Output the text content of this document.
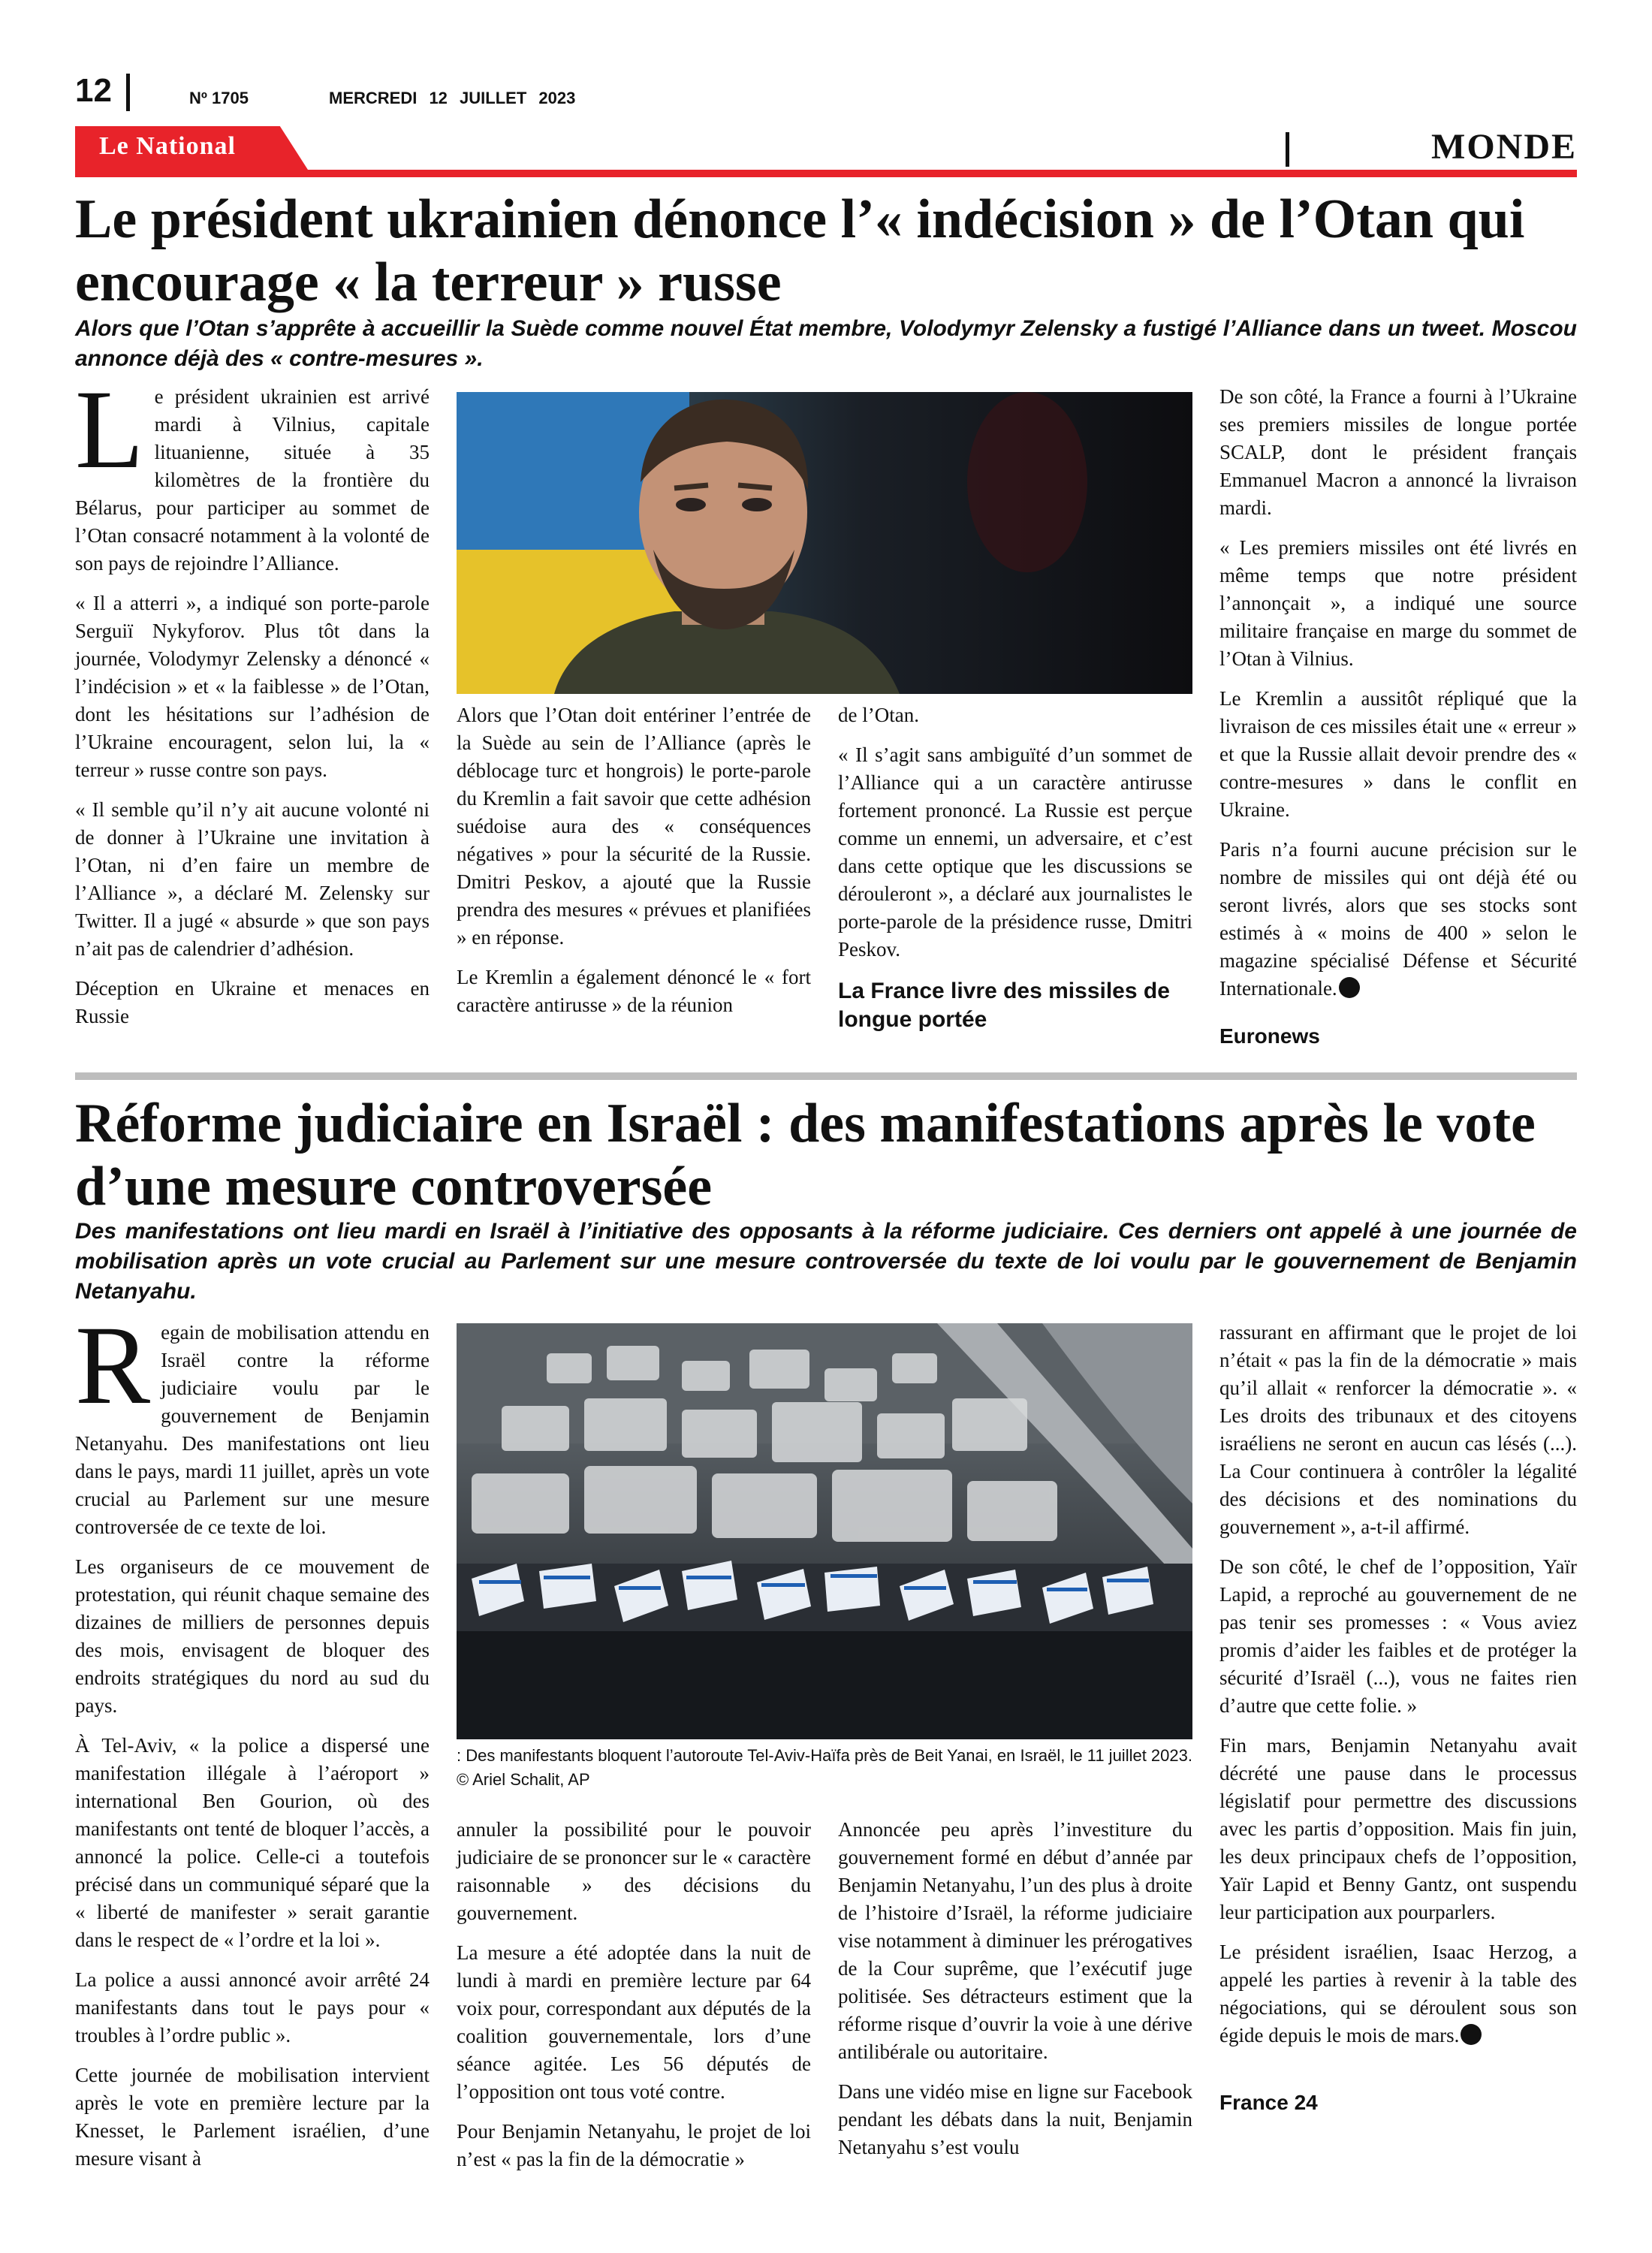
12	Nº 1705	MERCREDI 12 JUILLET 2023
Le National	MONDE
Le président ukrainien dénonce l’« indécision » de l’Otan qui encourage « la terreur » russe

Alors que l’Otan s’apprête à accueillir la Suède comme nouvel État membre, Volodymyr Zelensky a fustigé l’Alliance dans un tweet. Moscou annonce déjà des « contre-mesures ».

Le président ukrainien est arrivé mardi à Vilnius, capitale lituanienne, située à 35 kilomètres de la frontière du Bélarus, pour participer au sommet de l’Otan consacré notamment à la volonté de son pays de rejoindre l’Alliance.

« Il a atterri », a indiqué son porte-parole Serguiï Nykyforov. Plus tôt dans la journée, Volodymyr Zelensky a dénoncé « l’indécision » et « la faiblesse » de l’Otan, dont les hésitations sur l’adhésion de l’Ukraine encouragent, selon lui, la « terreur » russe contre son pays.

« Il semble qu’il n’y ait aucune volonté ni de donner à l’Ukraine une invitation à l’Otan, ni d’en faire un membre de l’Alliance », a déclaré M. Zelensky sur Twitter. Il a jugé « absurde » que son pays n’ait pas de calendrier d’adhésion.

Déception en Ukraine et menaces en Russie

Alors que l’Otan doit entériner l’entrée de la Suède au sein de l’Alliance (après le déblocage turc et hongrois) le porte-parole du Kremlin a fait savoir que cette adhésion suédoise aura des « conséquences négatives » pour la sécurité de la Russie. Dmitri Peskov, a ajouté que la Russie prendra des mesures « prévues et planifiées » en réponse.

Le Kremlin a également dénoncé le « fort caractère antirusse » de la réunion

de l’Otan.

« Il s’agit sans ambiguïté d’un sommet de l’Alliance qui a un caractère antirusse fortement prononcé. La Russie est perçue comme un ennemi, un adversaire, et c’est dans cette optique que les discussions se dérouleront », a déclaré aux journalistes le porte-parole de la présidence russe, Dmitri Peskov.

La France livre des missiles de longue portée

De son côté, la France a fourni à l’Ukraine ses premiers missiles de longue portée SCALP, dont le président français Emmanuel Macron a annoncé la livraison mardi.

« Les premiers missiles ont été livrés en même temps que notre président l’annonçait », a indiqué une source militaire française en marge du sommet de l’Otan à Vilnius.

Le Kremlin a aussitôt répliqué que la livraison de ces missiles était une « erreur » et que la Russie allait devoir prendre des « contre-mesures » dans le conflit en Ukraine.

Paris n’a fourni aucune précision sur le nombre de missiles qui ont déjà été ou seront livrés, alors que ses stocks sont estimés à « moins de 400 » selon le magazine spécialisé Défense et Sécurité Internationale.

Euronews

Réforme judiciaire en Israël : des manifestations après le vote d’une mesure controversée

Des manifestations ont lieu mardi en Israël à l’initiative des opposants à la réforme judiciaire. Ces derniers ont appelé à une journée de mobilisation après un vote crucial au Parlement sur une mesure controversée du texte de loi voulu par le gouvernement de Benjamin Netanyahu.

Regain de mobilisation attendu en Israël contre la réforme judiciaire voulu par le gouvernement de Benjamin Netanyahu. Des manifestations ont lieu dans le pays, mardi 11 juillet, après un vote crucial au Parlement sur une mesure controversée de ce texte de loi.

Les organiseurs de ce mouvement de protestation, qui réunit chaque semaine des dizaines de milliers de personnes depuis des mois, envisagent de bloquer des endroits stratégiques du nord au sud du pays.

À Tel-Aviv, « la police a dispersé une manifestation illégale à l’aéroport » international Ben Gourion, où des manifestants ont tenté de bloquer l’accès, a annoncé la police. Celle-ci a toutefois précisé dans un communiqué séparé que la « liberté de manifester » serait garantie dans le respect de « l’ordre et la loi ».

La police a aussi annoncé avoir arrêté 24 manifestants dans tout le pays pour « troubles à l’ordre public ».

Cette journée de mobilisation intervient après le vote en première lecture par la Knesset, le Parlement israélien, d’une mesure visant à

: Des manifestants bloquent l’autoroute Tel-Aviv-Haïfa près de Beit Yanai, en Israël, le 11 juillet 2023. © Ariel Schalit, AP

annuler la possibilité pour le pouvoir judiciaire de se prononcer sur le « caractère raisonnable » des décisions du gouvernement.

La mesure a été adoptée dans la nuit de lundi à mardi en première lecture par 64 voix pour, correspondant aux députés de la coalition gouvernementale, lors d’une séance agitée. Les 56 députés de l’opposition ont tous voté contre.

Pour Benjamin Netanyahu, le projet de loi n’est « pas la fin de la démocratie »

Annoncée peu après l’investiture du gouvernement formé en début d’année par Benjamin Netanyahu, l’un des plus à droite de l’histoire d’Israël, la réforme judiciaire vise notamment à diminuer les prérogatives de la Cour suprême, que l’exécutif juge politisée. Ses détracteurs estiment que la réforme risque d’ouvrir la voie à une dérive antilibérale ou autoritaire.

Dans une vidéo mise en ligne sur Facebook pendant les débats dans la nuit, Benjamin Netanyahu s’est voulu

rassurant en affirmant que le projet de loi n’était « pas la fin de la démocratie » mais qu’il allait « renforcer la démocratie ». « Les droits des tribunaux et des citoyens israéliens ne seront en aucun cas lésés (...). La Cour continuera à contrôler la légalité des décisions et des nominations du gouvernement », a-t-il affirmé.

De son côté, le chef de l’opposition, Yaïr Lapid, a reproché au gouvernement de ne pas tenir ses promesses : « Vous aviez promis d’aider les faibles et de protéger la sécurité d’Israël (...), vous ne faites rien d’autre que cette folie. »

Fin mars, Benjamin Netanyahu avait décrété une pause dans le processus législatif pour permettre des discussions avec les partis d’opposition. Mais fin juin, les deux principaux chefs de l’opposition, Yaïr Lapid et Benny Gantz, ont suspendu leur participation aux pourparlers.

Le président israélien, Isaac Herzog, a appelé les parties à revenir à la table des négociations, qui se déroulent sous son égide depuis le mois de mars.

France 24
